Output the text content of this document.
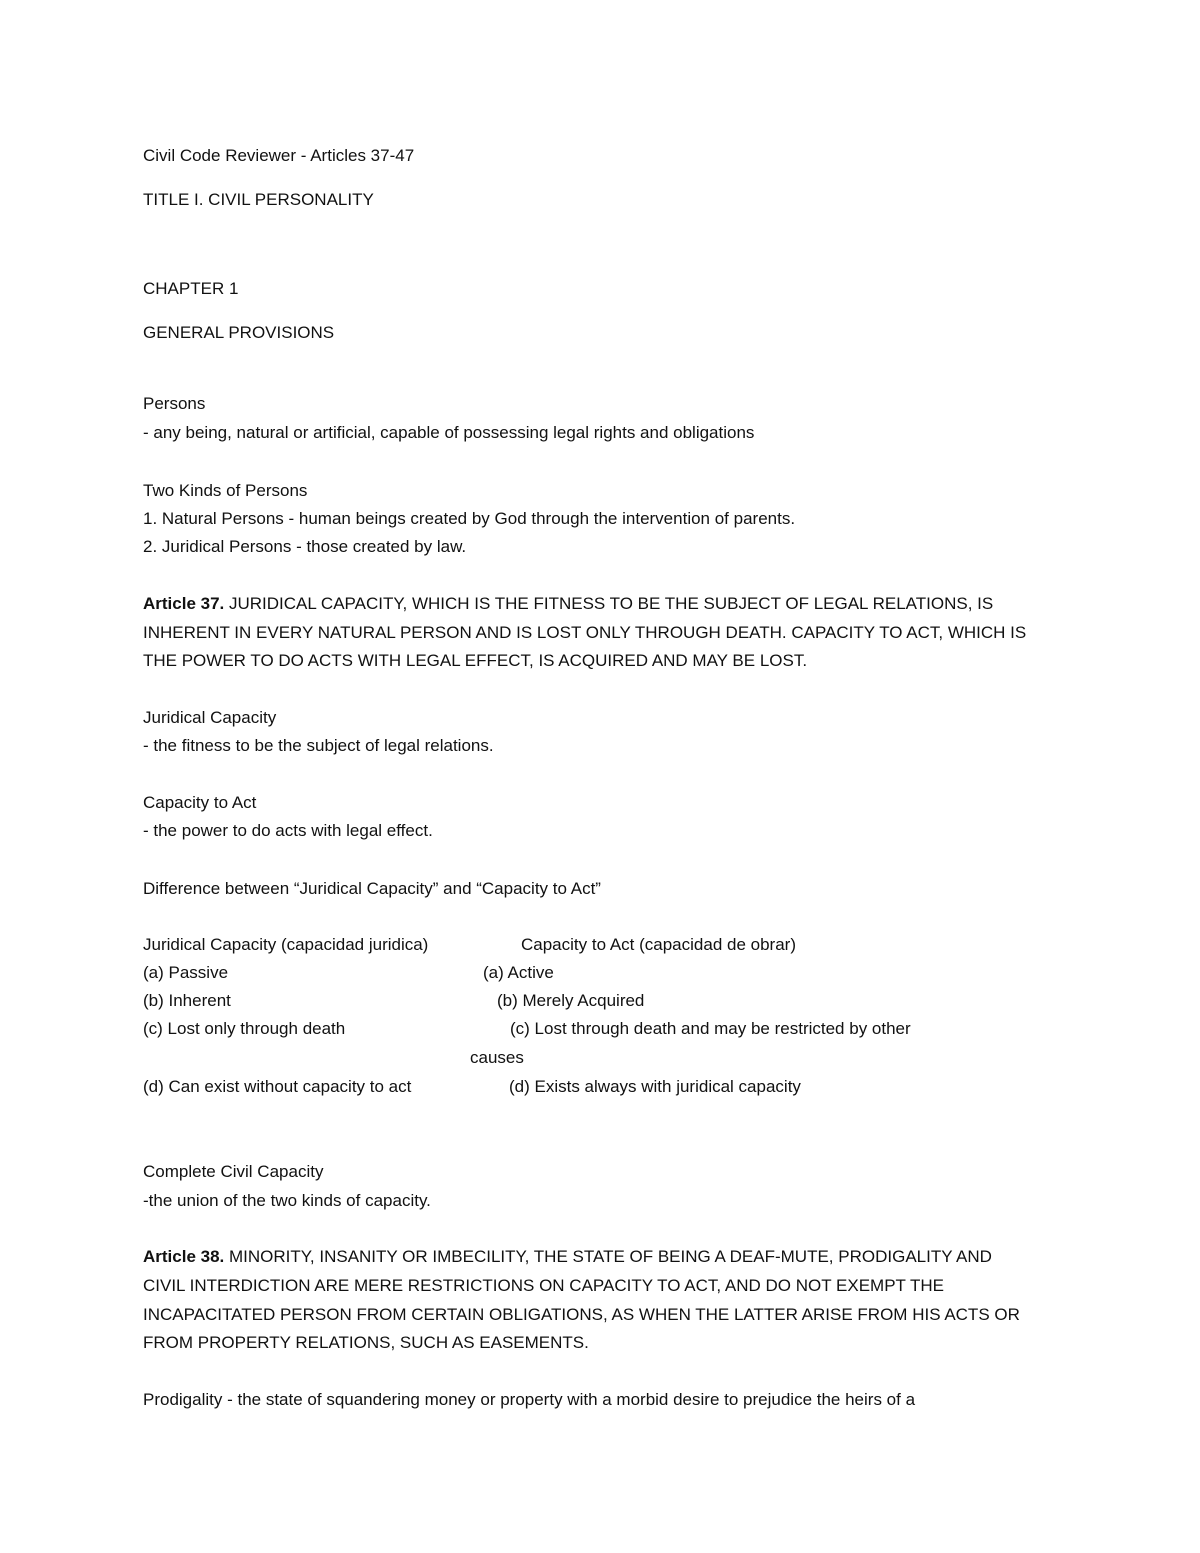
Civil Code Reviewer - Articles 37-47
TITLE I. CIVIL PERSONALITY
CHAPTER 1
GENERAL PROVISIONS
Persons
- any being, natural or artificial, capable of possessing legal rights and obligations
Two Kinds of Persons
1. Natural Persons - human beings created by God through the intervention of parents.
2. Juridical Persons - those created by law.
Article 37. JURIDICAL CAPACITY, WHICH IS THE FITNESS TO BE THE SUBJECT OF LEGAL RELATIONS, IS
INHERENT IN EVERY NATURAL PERSON AND IS LOST ONLY THROUGH DEATH. CAPACITY TO ACT, WHICH IS
THE POWER TO DO ACTS WITH LEGAL EFFECT, IS ACQUIRED AND MAY BE LOST.
Juridical Capacity
- the fitness to be the subject of legal relations.
Capacity to Act
- the power to do acts with legal effect.
Difference between “Juridical Capacity” and “Capacity to Act”
Juridical Capacity (capacidad juridica)	Capacity to Act (capacidad de obrar)
(a) Passive	(a) Active
(b) Inherent	(b) Merely Acquired
(c) Lost only through death	(c) Lost through death and may be restricted by other
causes
(d) Can exist without capacity to act	(d) Exists always with juridical capacity
Complete Civil Capacity
-the union of the two kinds of capacity.
Article 38. MINORITY, INSANITY OR IMBECILITY, THE STATE OF BEING A DEAF-MUTE, PRODIGALITY AND
CIVIL INTERDICTION ARE MERE RESTRICTIONS ON CAPACITY TO ACT, AND DO NOT EXEMPT THE
INCAPACITATED PERSON FROM CERTAIN OBLIGATIONS, AS WHEN THE LATTER ARISE FROM HIS ACTS OR
FROM PROPERTY RELATIONS, SUCH AS EASEMENTS.
Prodigality - the state of squandering money or property with a morbid desire to prejudice the heirs of a
